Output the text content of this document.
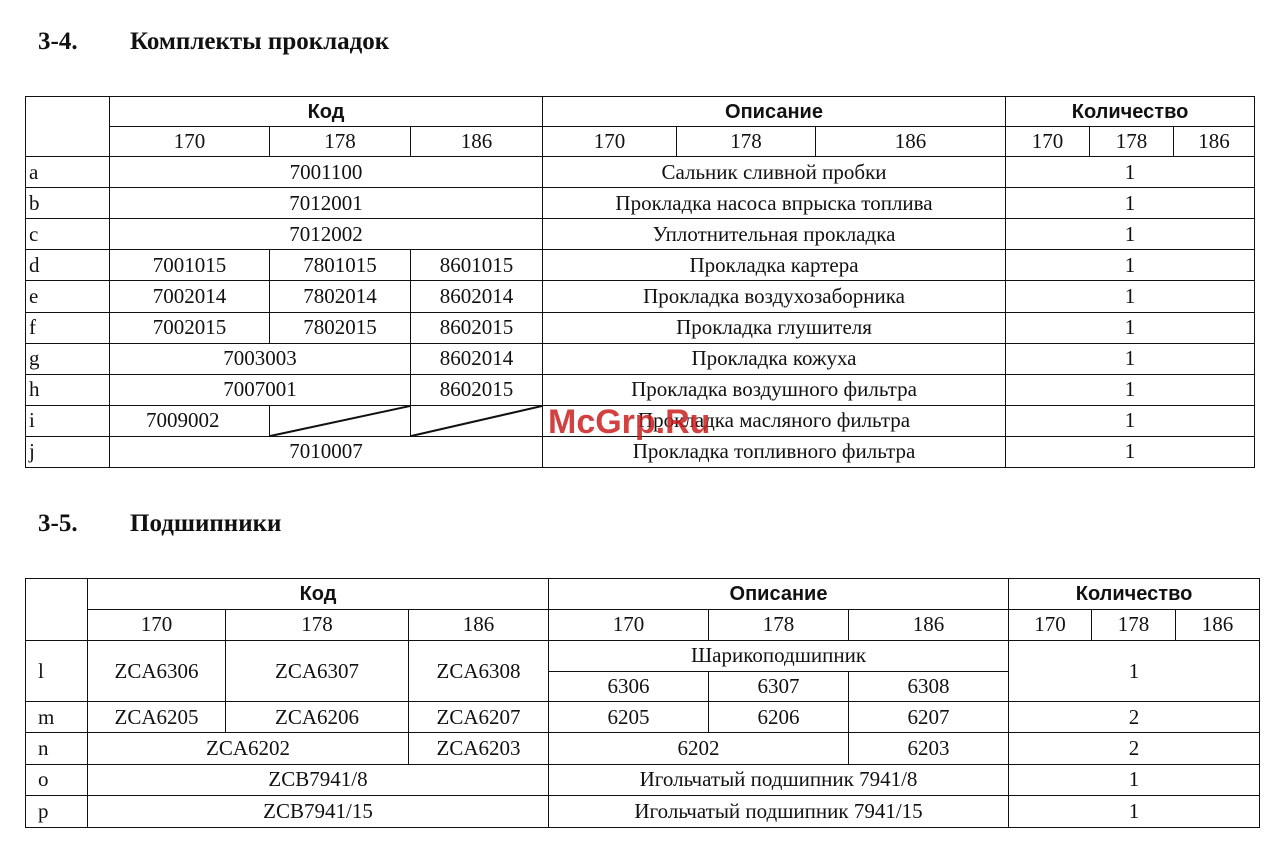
3-4. Комплекты прокладок
	Код			Описание			Количество		
	170	178	186	170	178	186	170	178	186
a	7001100			Сальник сливной пробки			1		
b	7012001			Прокладка насоса впрыска топлива			1		
c	7012002			Уплотнительная прокладка			1		
d	7001015	7801015	8601015	Прокладка картера			1		
e	7002014	7802014	8602014	Прокладка воздухозаборника			1		
f	7002015	7802015	8602015	Прокладка глушителя			1		
g	7003003		8602014	Прокладка кожуха			1		
h	7007001		8602015	Прокладка воздушного фильтра			1		
i	7009002			Прокладка масляного фильтра			1		
j	7010007			Прокладка топливного фильтра			1		
3-5. Подшипники
	Код			Описание			Количество		
	170	178	186	170	178	186	170	178	186
l	ZCA6306	ZCA6307	ZCA6308	Шарикоподшипник			1		
				6306	6307	6308			
m	ZCA6205	ZCA6206	ZCA6207	6205	6206	6207	2		
n	ZCA6202		ZCA6203	6202		6203	2		
o	ZCB7941/8			Игольчатый подшипник 7941/8			1		
p	ZCB7941/15			Игольчатый подшипник 7941/15			1		
McGrp.Ru
